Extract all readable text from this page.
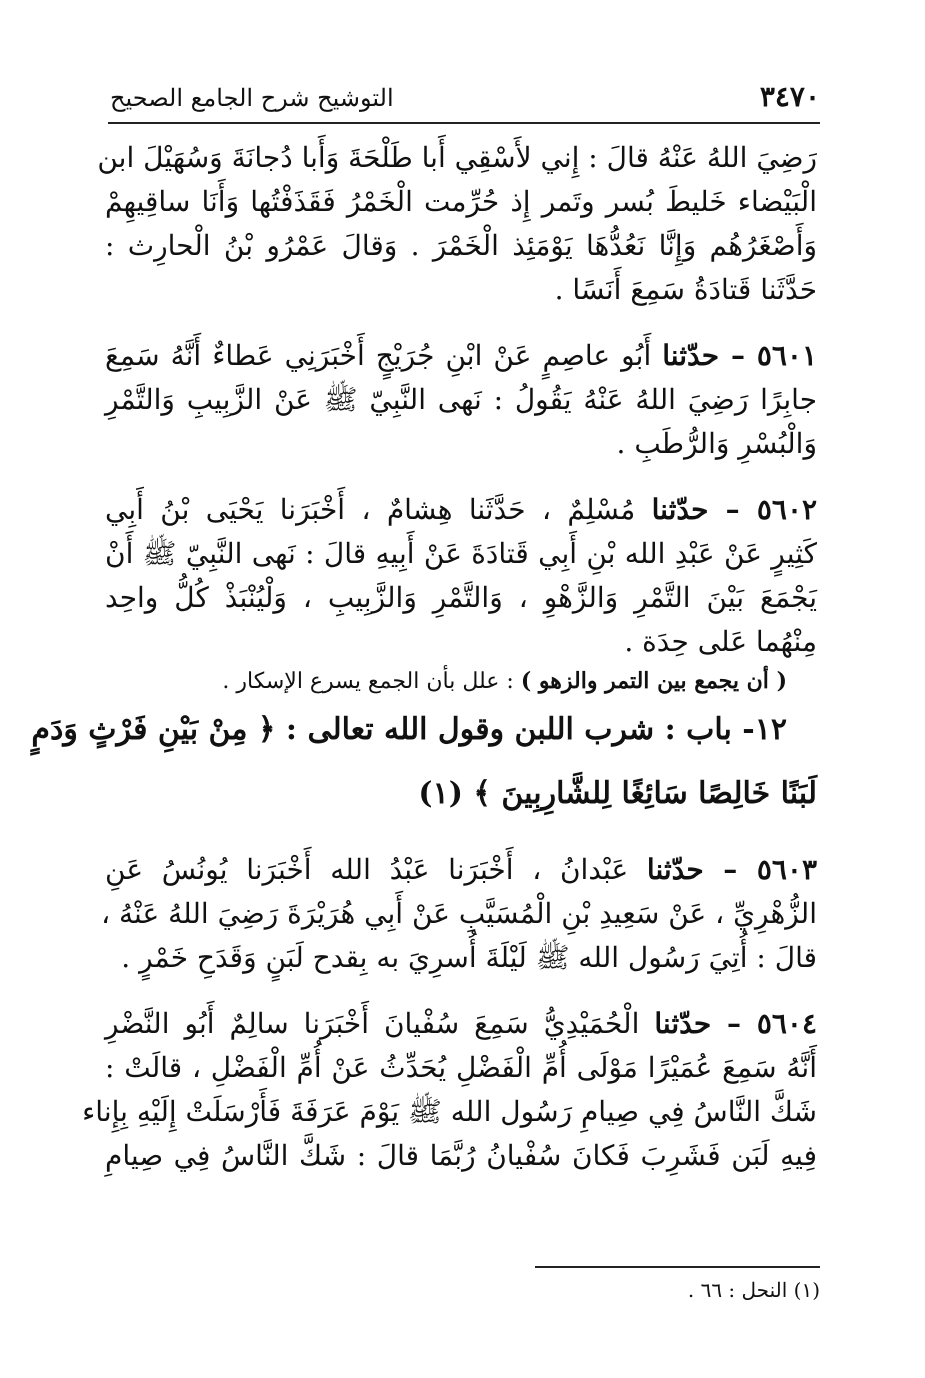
٣٤٧٠
التوشيح شرح الجامع الصحيح
رَضِيَ اللهُ عَنْهُ قالَ : إِني لأَسْقِي أَبا طَلْحَةَ وَأَبا دُجانَةَ وَسُهَيْلَ ابن
الْبَيْضاء خَليطَ بُسر وتَمر إِذ حُرِّمت الْخَمْرُ فَقَذَفْتُها وَأَنَا ساقِيهِمْ
وَأَصْغَرُهُم وَإِنَّا نَعُدُّهَا يَوْمَئِذ الْخَمْرَ . وَقالَ عَمْرُو بْنُ الْحارِث :
حَدَّثَنا قَتادَةُ سَمِعَ أَنَسًا .
٥٦٠١ – حدّثنا أَبُو عاصِمٍ عَنْ ابْنِ جُرَيْجٍ أَخْبَرَنِي عَطاءٌ أَنَّهُ سَمِعَ
جابِرًا رَضِيَ اللهُ عَنْهُ يَقُولُ : نَهى النَّبِيّ ﷺ عَنْ الزَّبِيبِ وَالتَّمْرِ
وَالْبُسْرِ وَالرُّطَبِ .
٥٦٠٢ – حدّثنا مُسْلِمٌ ، حَدَّثَنا هِشامٌ ، أَخْبَرَنا يَحْيَى بْنُ أَبِي
كَثِيرٍ عَنْ عَبْدِ الله بْنِ أَبِي قَتادَةَ عَنْ أَبِيهِ قالَ : نَهى النَّبِيّ ﷺ أَنْ
يَجْمَعَ بَيْنَ التَّمْرِ وَالزَّهْوِ ، وَالتَّمْرِ وَالزَّبِيبِ ، وَلْيُنْبَذْ كُلُّ واحِد
مِنْهُما عَلى حِدَة .
( أن يجمع بين التمر والزهو ) : علل بأن الجمع يسرع الإسكار .
١٢- باب : شرب اللبن وقول الله تعالى : ﴿ مِنْ بَيْنِ فَرْثٍ وَدَمٍ
لَبَنًا خَالِصًا سَائِغًا لِلشَّارِبِينَ ﴾ (١)
٥٦٠٣ – حدّثنا عَبْدانُ ، أَخْبَرَنا عَبْدُ الله أَخْبَرَنا يُونُسُ عَنِ
الزُّهْرِيِّ ، عَنْ سَعِيدِ بْنِ الْمُسَيَّبِ عَنْ أَبِي هُرَيْرَةَ رَضِيَ اللهُ عَنْهُ ،
قالَ : أُتِيَ رَسُول الله ﷺ لَيْلَةَ أُسرِيَ به بِقدح لَبَنٍ وَقَدَحِ خَمْرٍ .
٥٦٠٤ – حدّثنا الْحُمَيْدِيُّ سَمِعَ سُفْيانَ أَخْبَرَنا سالِمٌ أَبُو النَّضْرِ
أَنَّهُ سَمِعَ عُمَيْرًا مَوْلَى أُمِّ الْفَضْلِ يُحَدِّثُ عَنْ أُمِّ الْفَضْلِ ، قالَتْ :
شَكَّ النَّاسُ فِي صِيامِ رَسُول الله ﷺ يَوْمَ عَرَفَةَ فَأَرْسَلَتْ إِلَيْهِ بِإِناء
فِيهِ لَبَن فَشَرِبَ فَكانَ سُفْيانُ رُبَّمَا قالَ : شَكَّ النَّاسُ فِي صِيامِ
(١) النحل : ٦٦ .
